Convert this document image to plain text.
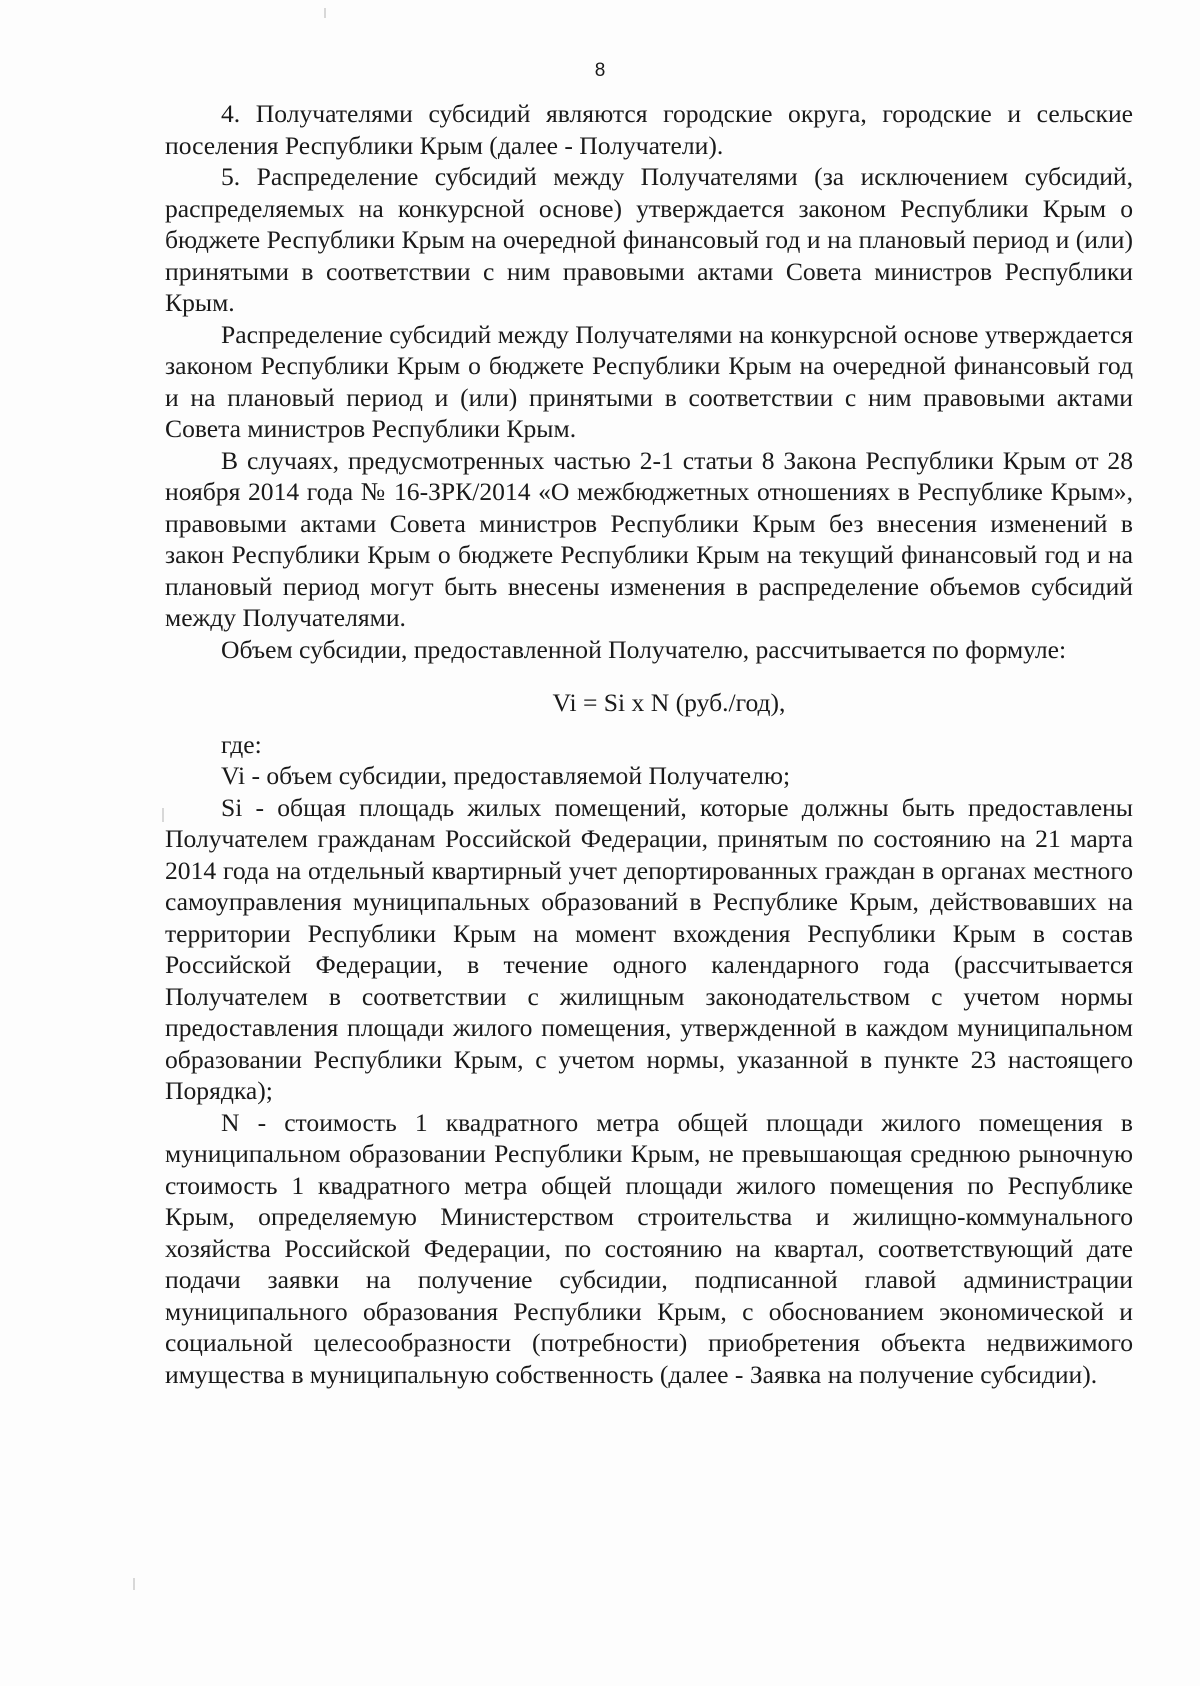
8

4. Получателями субсидий являются городские округа, городские и сельские поселения Республики Крым (далее - Получатели).

5. Распределение субсидий между Получателями (за исключением субсидий, распределяемых на конкурсной основе) утверждается законом Республики Крым о бюджете Республики Крым на очередной финансовый год и на плановый период и (или) принятыми в соответствии с ним правовыми актами Совета министров Республики Крым.

Распределение субсидий между Получателями на конкурсной основе утверждается законом Республики Крым о бюджете Республики Крым на очередной финансовый год и на плановый период и (или) принятыми в соответствии с ним правовыми актами Совета министров Республики Крым.

В случаях, предусмотренных частью 2-1 статьи 8 Закона Республики Крым от 28 ноября 2014 года № 16-ЗРК/2014 «О межбюджетных отношениях в Республике Крым», правовыми актами Совета министров Республики Крым без внесения изменений в закон Республики Крым о бюджете Республики Крым на текущий финансовый год и на плановый период могут быть внесены изменения в распределение объемов субсидий между Получателями.

Объем субсидии, предоставленной Получателю, рассчитывается по формуле:

Vi = Si x N (руб./год),

где:

Vi - объем субсидии, предоставляемой Получателю;

Si - общая площадь жилых помещений, которые должны быть предоставлены Получателем гражданам Российской Федерации, принятым по состоянию на 21 марта 2014 года на отдельный квартирный учет депортированных граждан в органах местного самоуправления муниципальных образований в Республике Крым, действовавших на территории Республики Крым на момент вхождения Республики Крым в состав Российской Федерации, в течение одного календарного года (рассчитывается Получателем в соответствии с жилищным законодательством с учетом нормы предоставления площади жилого помещения, утвержденной в каждом муниципальном образовании Республики Крым, с учетом нормы, указанной в пункте 23 настоящего Порядка);

N - стоимость 1 квадратного метра общей площади жилого помещения в муниципальном образовании Республики Крым, не превышающая среднюю рыночную стоимость 1 квадратного метра общей площади жилого помещения по Республике Крым, определяемую Министерством строительства и жилищно-коммунального хозяйства Российской Федерации, по состоянию на квартал, соответствующий дате подачи заявки на получение субсидии, подписанной главой администрации муниципального образования Республики Крым, с обоснованием экономической и социальной целесообразности (потребности) приобретения объекта недвижимого имущества в муниципальную собственность (далее - Заявка на получение субсидии).
